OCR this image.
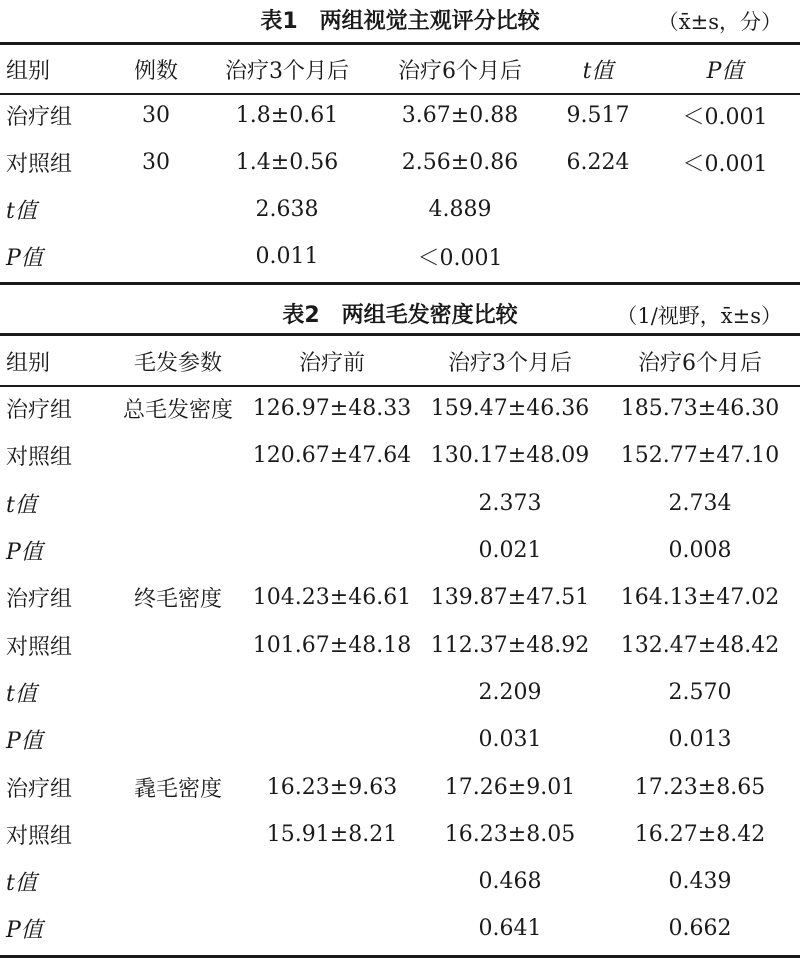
表1　两组视觉主观评分比较	（x̄±s，分）
组别	例数	治疗3个月后	治疗6个月后	t值	P值
治疗组	30	1.8±0.61	3.67±0.88	9.517	＜0.001
对照组	30	1.4±0.56	2.56±0.86	6.224	＜0.001
t值		2.638	4.889		
P值		0.011	＜0.001		
表2　两组毛发密度比较	（1/视野，x̄±s）
组别	毛发参数	治疗前	治疗3个月后	治疗6个月后
治疗组	总毛发密度	126.97±48.33	159.47±46.36	185.73±46.30
对照组		120.67±47.64	130.17±48.09	152.77±47.10
t值			2.373	2.734
P值			0.021	0.008
治疗组	终毛密度	104.23±46.61	139.87±47.51	164.13±47.02
对照组		101.67±48.18	112.37±48.92	132.47±48.42
t值			2.209	2.570
P值			0.031	0.013
治疗组	毳毛密度	16.23±9.63	17.26±9.01	17.23±8.65
对照组		15.91±8.21	16.23±8.05	16.27±8.42
t值			0.468	0.439
P值			0.641	0.662
